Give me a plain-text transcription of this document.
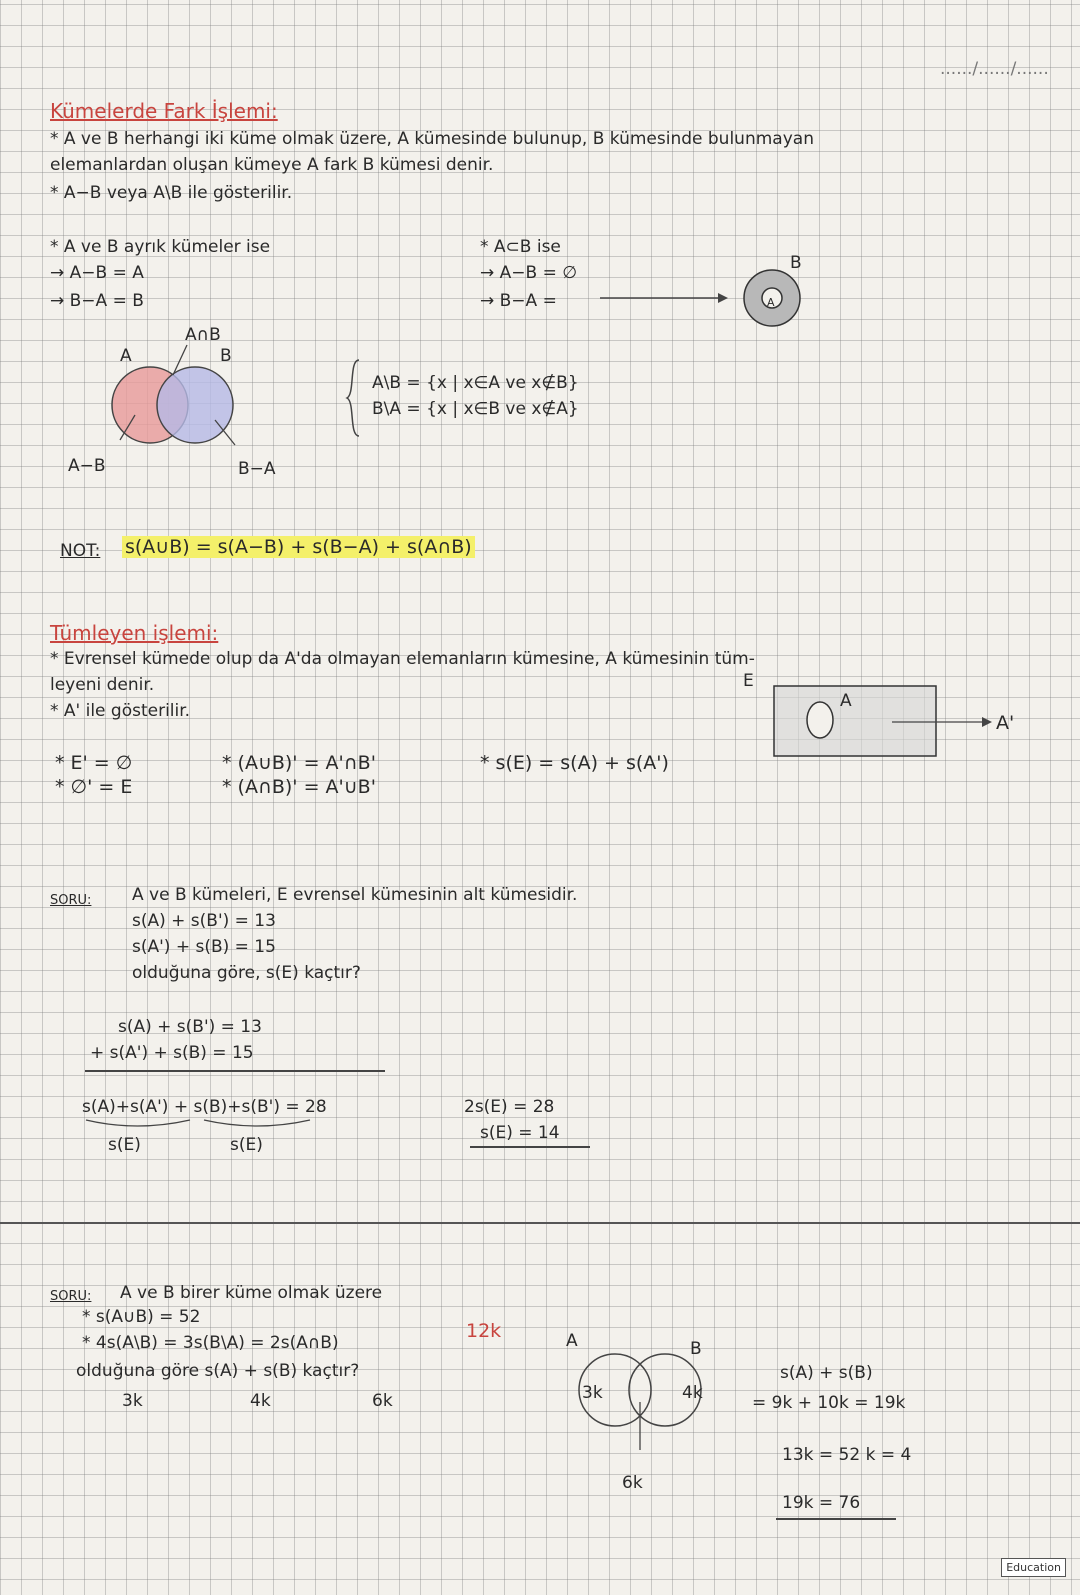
....../....../......
Kümelerde Fark İşlemi:
* A ve B herhangi iki küme olmak üzere, A kümesinde bulunup, B kümesinde bulunmayan
elemanlardan oluşan kümeye A fark B kümesi denir.
* A−B veya A\B ile gösterilir.
* A ve B ayrık kümeler ise
→ A−B = A
→ B−A = B
* A⊂B ise
→ A−B = ∅
→ B−A =
B
A
A	B
A∩B
A−B	B−A
A\B = {x | x∈A ve x∉B}
B\A = {x | x∈B ve x∉A}
NOT: s(A∪B) = s(A−B) + s(B−A) + s(A∩B)
Tümleyen işlemi:
* Evrensel kümede olup da A'da olmayan elemanların kümesine, A kümesinin tüm-
leyeni denir.
* A' ile gösterilir.
E
A
A'
* E' = ∅
* ∅' = E
* (A∪B)' = A'∩B'
* (A∩B)' = A'∪B'
* s(E) = s(A) + s(A')
SORU: A ve B kümeleri, E evrensel kümesinin alt kümesidir.
s(A) + s(B') = 13
s(A') + s(B) = 15
olduğuna göre, s(E) kaçtır?
s(A) + s(B') = 13
+ s(A') + s(B) = 15
s(A)+s(A') + s(B)+s(B') = 28
s(E)	s(E)
2s(E) = 28
s(E) = 14
SORU: A ve B birer küme olmak üzere
* s(A∪B) = 52
12k
* 4s(A\B) = 3s(B\A) = 2s(A∩B)
olduğuna göre s(A) + s(B) kaçtır?
3k	4k	6k
A	B
3k	4k
6k
s(A) + s(B)
= 9k + 10k = 19k
13k = 52 k = 4
19k = 76
Education
